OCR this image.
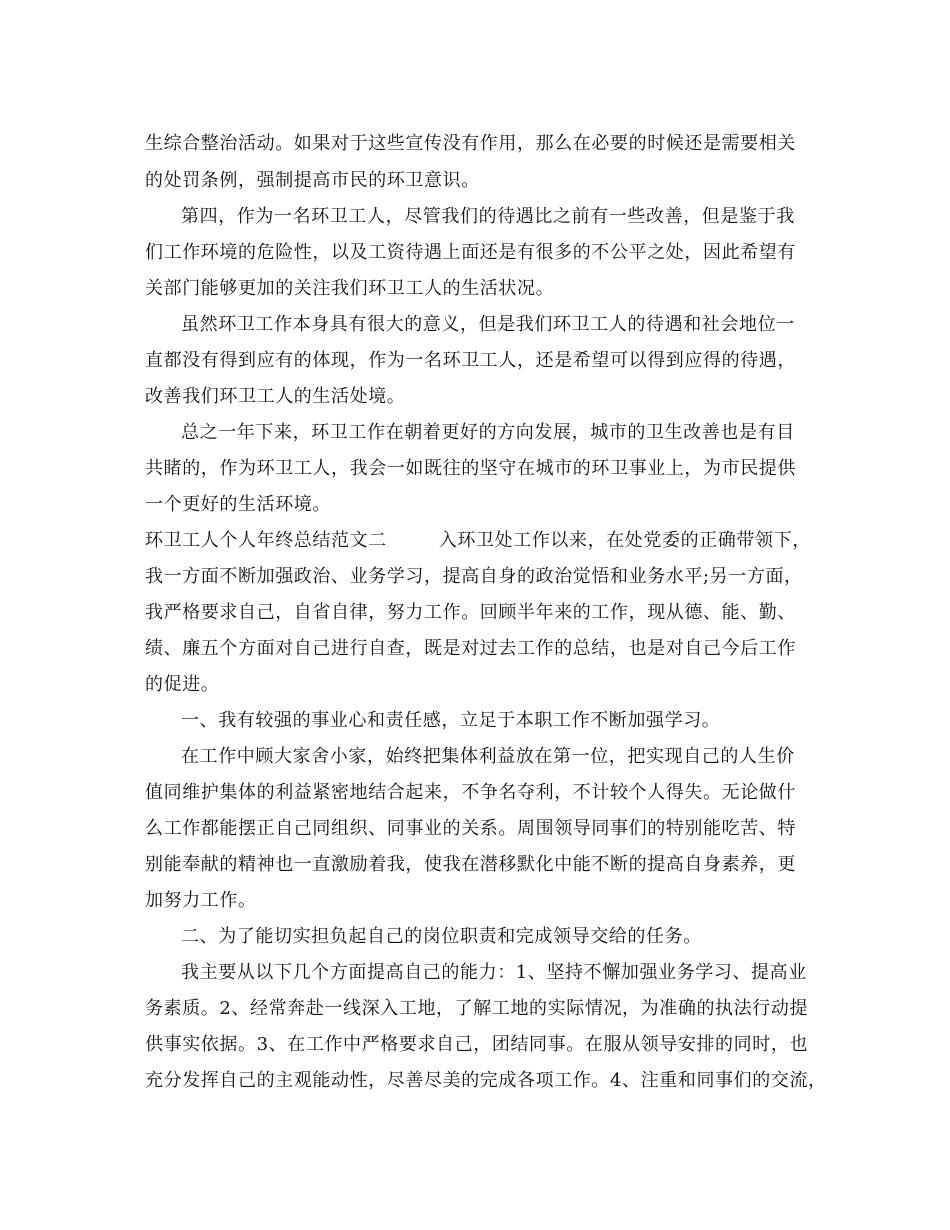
生综合整治活动。如果对于这些宣传没有作用，那么在必要的时候还是需要相关

的处罚条例，强制提高市民的环卫意识。

第四，作为一名环卫工人，尽管我们的待遇比之前有一些改善，但是鉴于我

们工作环境的危险性，以及工资待遇上面还是有很多的不公平之处，因此希望有

关部门能够更加的关注我们环卫工人的生活状况。

虽然环卫工作本身具有很大的意义，但是我们环卫工人的待遇和社会地位一

直都没有得到应有的体现，作为一名环卫工人，还是希望可以得到应得的待遇，

改善我们环卫工人的生活处境。

总之一年下来，环卫工作在朝着更好的方向发展，城市的卫生改善也是有目

共睹的，作为环卫工人，我会一如既往的坚守在城市的环卫事业上，为市民提供

一个更好的生活环境。

环卫工人个人年终总结范文二	入环卫处工作以来，在处党委的正确带领下，

我一方面不断加强政治、业务学习，提高自身的政治觉悟和业务水平;另一方面，

我严格要求自己，自省自律，努力工作。回顾半年来的工作，现从德、能、勤、

绩、廉五个方面对自己进行自查，既是对过去工作的总结，也是对自己今后工作

的促进。

一、我有较强的事业心和责任感，立足于本职工作不断加强学习。

在工作中顾大家舍小家，始终把集体利益放在第一位，把实现自己的人生价

值同维护集体的利益紧密地结合起来，不争名夺利，不计较个人得失。无论做什

么工作都能摆正自己同组织、同事业的关系。周围领导同事们的特别能吃苦、特

别能奉献的精神也一直激励着我，使我在潜移默化中能不断的提高自身素养，更

加努力工作。

二、为了能切实担负起自己的岗位职责和完成领导交给的任务。

我主要从以下几个方面提高自己的能力：1、坚持不懈加强业务学习、提高业

务素质。2、经常奔赴一线深入工地，了解工地的实际情况，为准确的执法行动提

供事实依据。3、在工作中严格要求自己，团结同事。在服从领导安排的同时，也

充分发挥自己的主观能动性，尽善尽美的完成各项工作。4、注重和同事们的交流，
